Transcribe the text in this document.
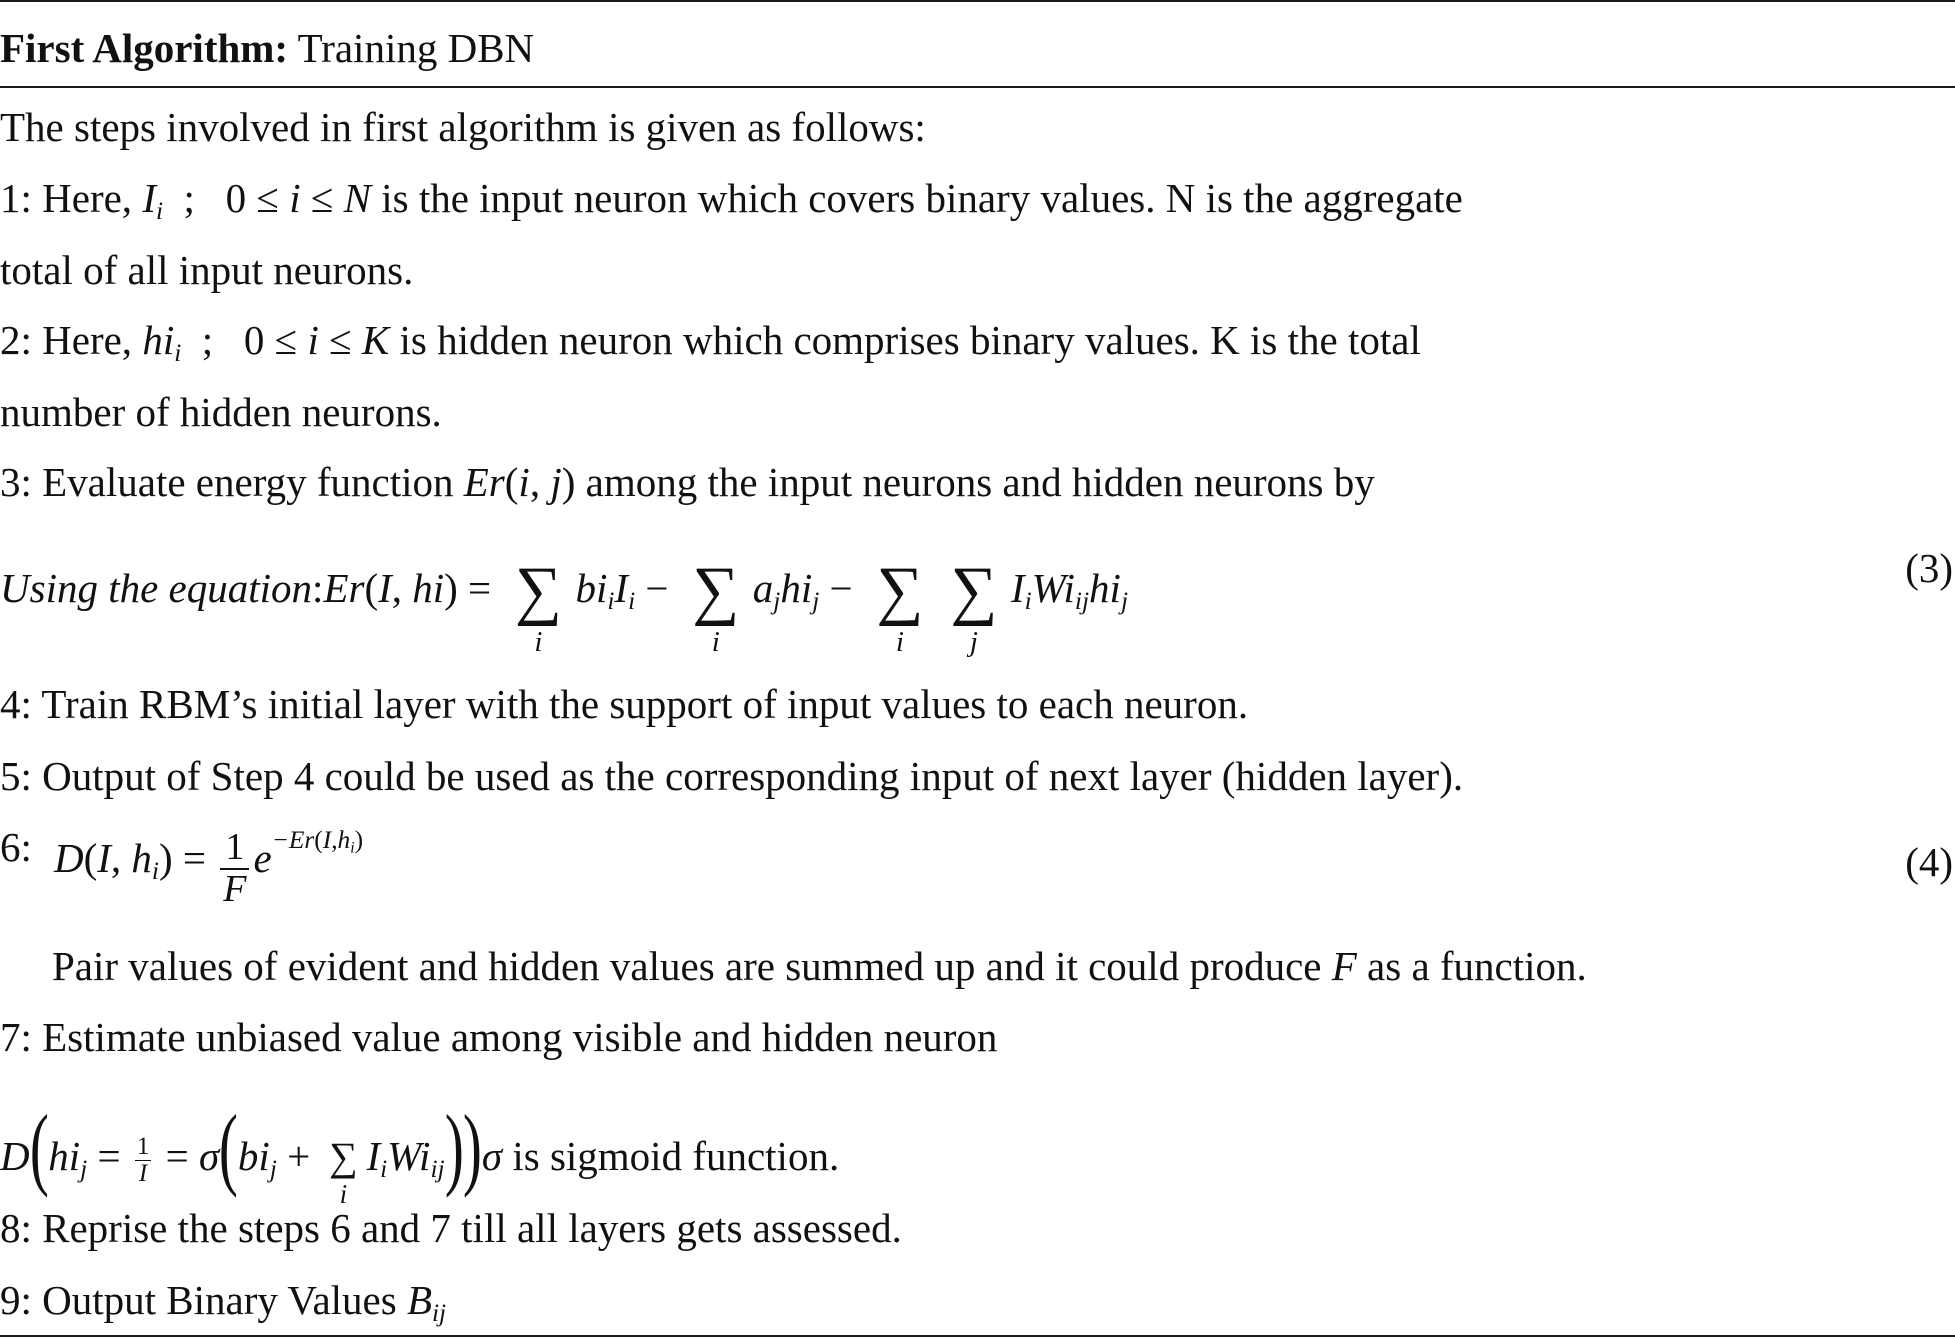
First Algorithm: Training DBN
The steps involved in first algorithm is given as follows:
1: Here, $I_i$  ;   0 ≤ i ≤ N is the input neuron which covers binary values. N is the aggregate
total of all input neurons.
2: Here, $hi_i$  ;   0 ≤ i ≤ K is hidden neuron which comprises binary values. K is the total
number of hidden neurons.
3: Evaluate energy function Er(i, j) among the input neurons and hidden neurons by
Using the equation:Er(I, hi) = ∑
i
$bi_iI_i$ − ∑
i
$a_jhi_j$ − ∑
i
∑
j
$I_iWi_{ij}hi_j$
(3)
4: Train RBM’s initial layer with the support of input values to each neuron.
5: Output of Step 4 could be used as the corresponding input of next layer (hidden layer).
6: D(I, $h_i) = \frac{1}{F} e^{-Er(I,h_i)}$	(4)
Pair values of evident and hidden values are summed up and it could produce F as a function.
7: Estimate unbiased value among visible and hidden neuron
$D(hi_j = \frac{1}{I} = \sigma(bi_j$ + ∑
i
$I_iWi_{ij}))\sigma$ is sigmoid function.
8: Reprise the steps 6 and 7 till all layers gets assessed.
9: Output Binary Values $B_{ij}$
